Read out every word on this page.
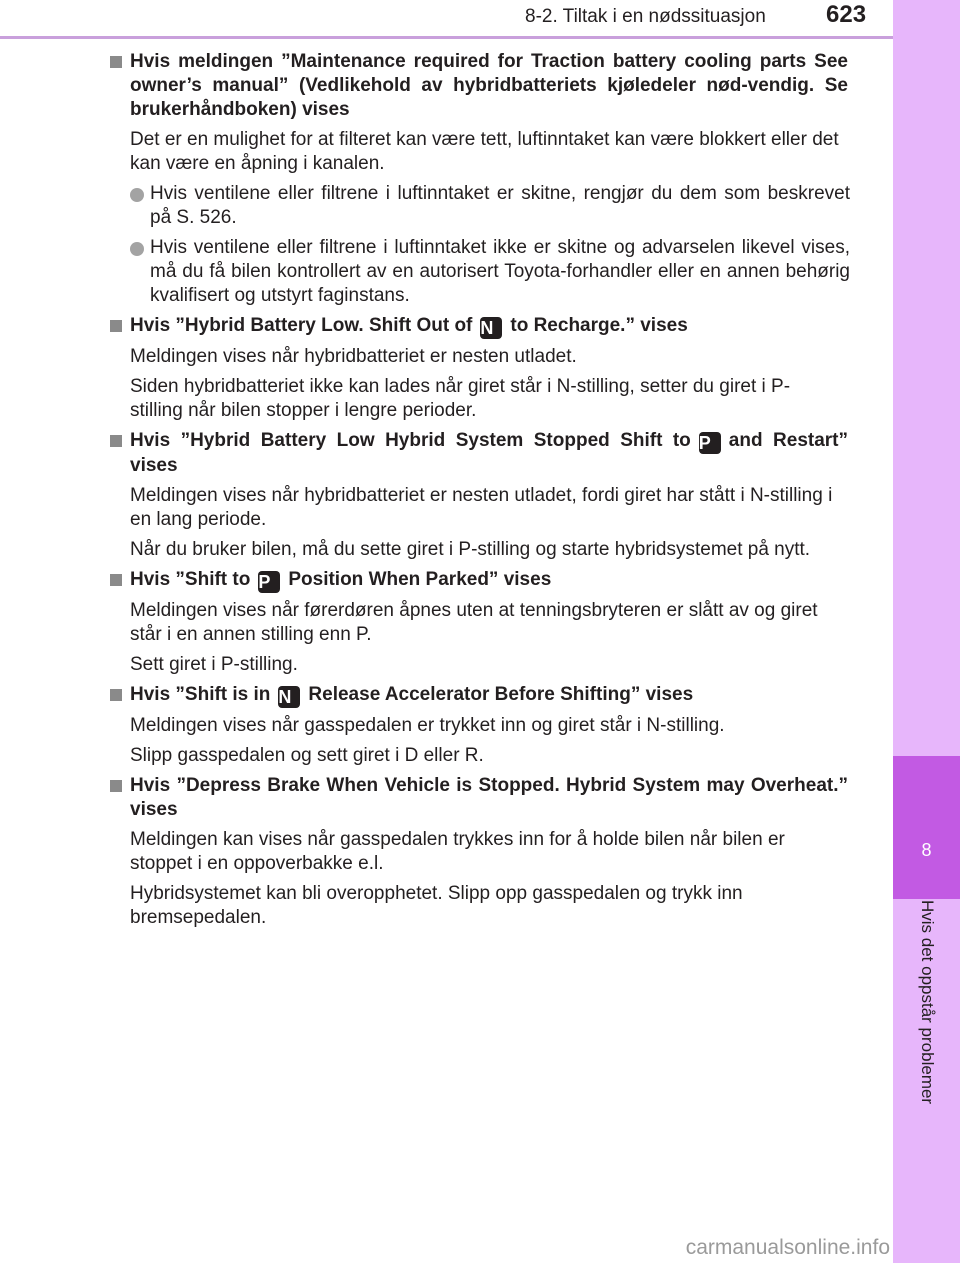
8-2. Tiltak i en nødssituasjon	623
8
Hvis det oppstår problemer
Hvis meldingen ”Maintenance required for Traction battery cooling parts See owner’s manual” (Vedlikehold av hybridbatteriets kjøledeler nød-vendig. Se brukerhåndboken) vises

Det er en mulighet for at filteret kan være tett, luftinntaket kan være blokkert eller det kan være en åpning i kanalen.

Hvis ventilene eller filtrene i luftinntaket er skitne, rengjør du dem som beskrevet på S. 526.
Hvis ventilene eller filtrene i luftinntaket ikke er skitne og advarselen likevel vises, må du få bilen kontrollert av en autorisert Toyota-forhandler eller en annen behørig kvalifisert og utstyrt faginstans.
Hvis ”Hybrid Battery Low. Shift Out of N to Recharge.” vises

Meldingen vises når hybridbatteriet er nesten utladet.

Siden hybridbatteriet ikke kan lades når giret står i N-stilling, setter du giret i P-stilling når bilen stopper i lengre perioder.

Hvis ”Hybrid Battery Low Hybrid System Stopped Shift to P and Restart” vises

Meldingen vises når hybridbatteriet er nesten utladet, fordi giret har stått i N-stilling i en lang periode.

Når du bruker bilen, må du sette giret i P-stilling og starte hybridsystemet på nytt.

Hvis ”Shift to P Position When Parked” vises

Meldingen vises når førerdøren åpnes uten at tenningsbryteren er slått av og giret står i en annen stilling enn P.

Sett giret i P-stilling.

Hvis ”Shift is in N Release Accelerator Before Shifting” vises

Meldingen vises når gasspedalen er trykket inn og giret står i N-stilling.

Slipp gasspedalen og sett giret i D eller R.

Hvis ”Depress Brake When Vehicle is Stopped. Hybrid System may Overheat.” vises

Meldingen kan vises når gasspedalen trykkes inn for å holde bilen når bilen er stoppet i en oppoverbakke e.l.

Hybridsystemet kan bli overopphetet. Slipp opp gasspedalen og trykk inn bremsepedalen.

carmanualsonline.info
